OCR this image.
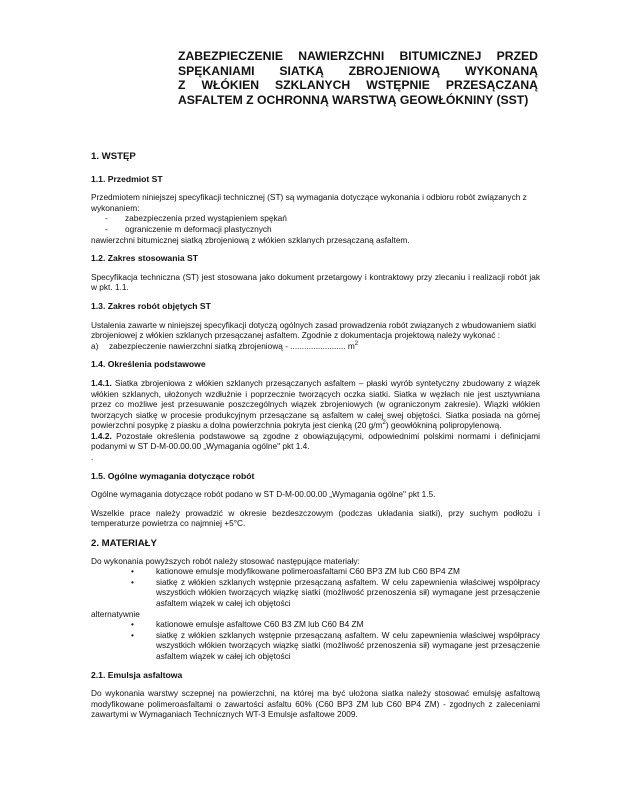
ZABEZPIECZENIE NAWIERZCHNI BITUMICZNEJ PRZED
SPĘKANIAMI SIATKĄ ZBROJENIOWĄ WYKONANĄ
Z WŁÓKIEN SZKLANYCH WSTĘPNIE PRZESĄCZANĄ
ASFALTEM Z OCHRONNĄ WARSTWĄ GEOWŁÓKNINY (SST)
1. WSTĘP
1.1. Przedmiot ST

Przedmiotem niniejszej specyfikacji technicznej (ST) są wymagania dotyczące wykonania i odbioru robót związanych z wykonaniem:

-	zabezpieczenia przed wystąpieniem spękań
-	ograniczenie m deformacji plastycznych

nawierzchni bitumicznej siatką zbrojeniową z włókien szklanych przesączaną asfaltem.

1.2. Zakres stosowania ST

Specyfikacja techniczna (ST) jest stosowana jako dokument przetargowy i kontraktowy przy zlecaniu i realizacji robót jak w pkt. 1.1.

1.3. Zakres robót objętych ST

Ustalenia zawarte w niniejszej specyfikacji dotyczą ogólnych zasad prowadzenia robót związanych z wbudowaniem siatki zbrojeniowej z włókien szklanych przesączanej asfaltem. Zgodnie z dokumentacja projektową należy wykonać :

a)	zabezpieczenie nawierzchni siatką zbrojeniową - ........................ $m^2$
1.4. Określenia podstawowe

1.4.1. Siatka zbrojeniowa z włókien szklanych przesączanych asfaltem – płaski wyrób syntetyczny zbudowany z wiązek włókien szklanych, ułożonych wzdłużnie i poprzecznie tworzących oczka siatki. Siatka w węzłach nie jest usztywniana przez co możliwe jest przesuwanie poszczególnych wiązek zbrojeniowych (w ograniczonym zakresie). Wiązki włókien tworzących siatkę w procesie produkcyjnym przesączane są asfaltem w całej swej objętości. Siatka posiada na górnej powierzchni posypkę z piasku a dolna powierzchnia pokryta jest cienką (20 $g/m^2$) geowłókniną polipropylenową.

1.4.2. Pozostałe określenia podstawowe są zgodne z obowiązującymi, odpowiednimi polskimi normami i definicjami podanymi w ST D-M-00.00.00 „Wymagania ogólne" pkt 1.4.

.

1.5. Ogólne wymagania dotyczące robót

Ogólne wymagania dotyczące robót podano w ST D-M-00.00.00 „Wymagania ogólne" pkt 1.5.

Wszelkie prace należy prowadzić w okresie bezdeszczowym (podczas układania siatki), przy suchym podłożu i temperaturze powietrza co najmniej +5°C.

2. MATERIAŁY

Do wykonania powyższych robót należy stosować następujące materiały:

•	kationowe emulsje modyfikowane polimeroasfaltami C60 BP3 ZM lub C60 BP4 ZM
•	siatkę z włókien szklanych wstępnie przesączaną asfaltem. W celu zapewnienia właściwej współpracy wszystkich włókien tworzących wiązkę siatki (możliwość przenoszenia sił) wymagane jest przesączenie asfaltem wiązek w całej ich objętości

alternatywnie

•	kationowe emulsje asfaltowe C60 B3 ZM lub C60 B4 ZM
•	siatkę z włókien szklanych wstępnie przesączaną asfaltem. W celu zapewnienia właściwej współpracy wszystkich włókien tworzących wiązkę siatki (możliwość przenoszenia sił) wymagane jest przesączenie asfaltem wiązek w całej ich objętości
2.1. Emulsja asfaltowa

Do wykonania warstwy sczepnej na powierzchni, na której ma być ułożona siatka należy stosować emulsję asfaltową modyfikowane polimeroasfaltami o zawartości asfaltu 60% (C60 BP3 ZM lub C60 BP4 ZM) - zgodnych z zaleceniami zawartymi w Wymaganiach Technicznych WT-3 Emulsje asfaltowe 2009.
